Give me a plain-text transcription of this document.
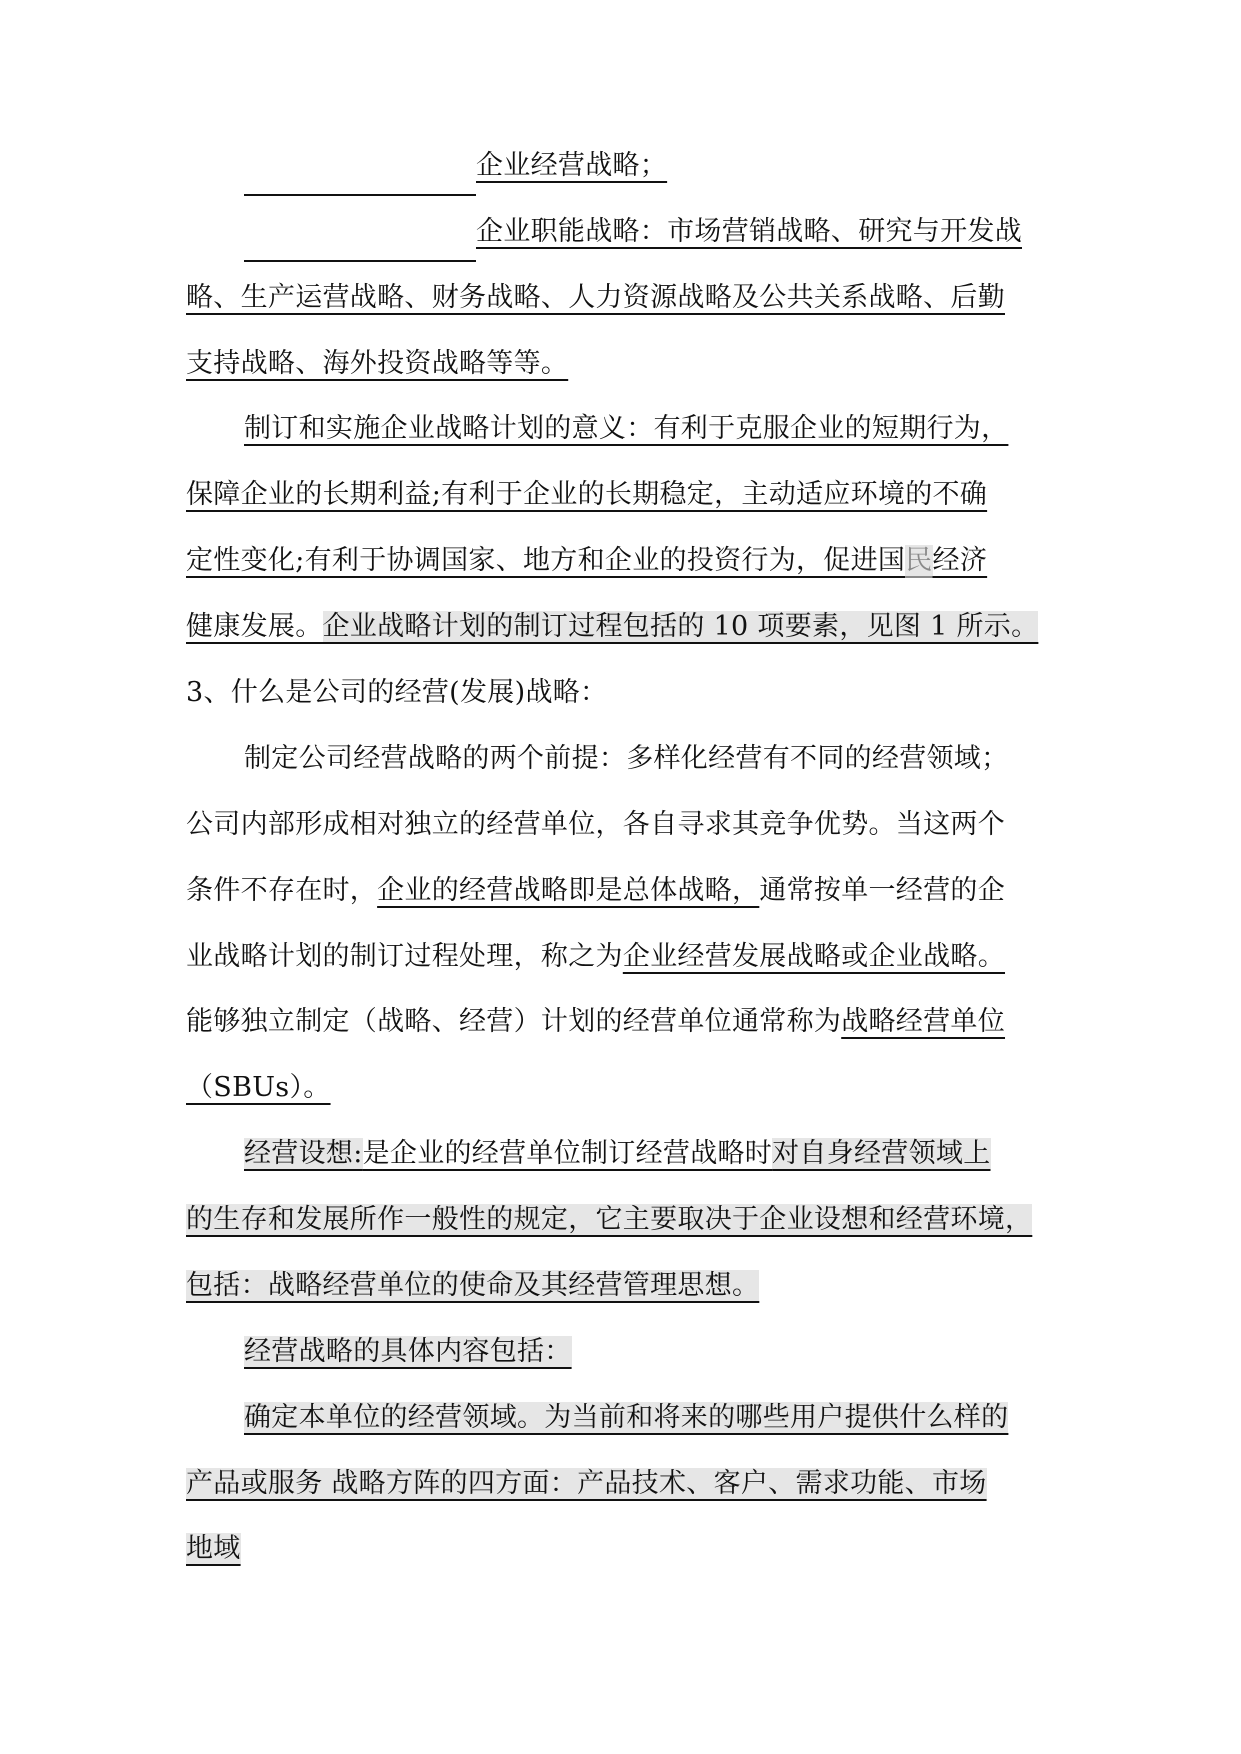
企业经营战略；
企业职能战略：市场营销战略、研究与开发战
略、生产运营战略、财务战略、人力资源战略及公共关系战略、后勤
支持战略、海外投资战略等等。
制订和实施企业战略计划的意义：有利于克服企业的短期行为，
保障企业的长期利益;有利于企业的长期稳定，主动适应环境的不确
定性变化;有利于协调国家、地方和企业的投资行为，促进国民经济
健康发展。企业战略计划的制订过程包括的 10 项要素，见图 1 所示。
3、什么是公司的经营(发展)战略：
制定公司经营战略的两个前提：多样化经营有不同的经营领域；
公司内部形成相对独立的经营单位，各自寻求其竞争优势。当这两个
条件不存在时，企业的经营战略即是总体战略，通常按单一经营的企
业战略计划的制订过程处理，称之为企业经营发展战略或企业战略。
能够独立制定（战略、经营）计划的经营单位通常称为战略经营单位
（SBUs）。
经营设想:是企业的经营单位制订经营战略时对自身经营领域上
的生存和发展所作一般性的规定，它主要取决于企业设想和经营环境，
包括：战略经营单位的使命及其经营管理思想。
经营战略的具体内容包括：
确定本单位的经营领域。为当前和将来的哪些用户提供什么样的
产品或服务 战略方阵的四方面：产品技术、客户、需求功能、市场
地域
